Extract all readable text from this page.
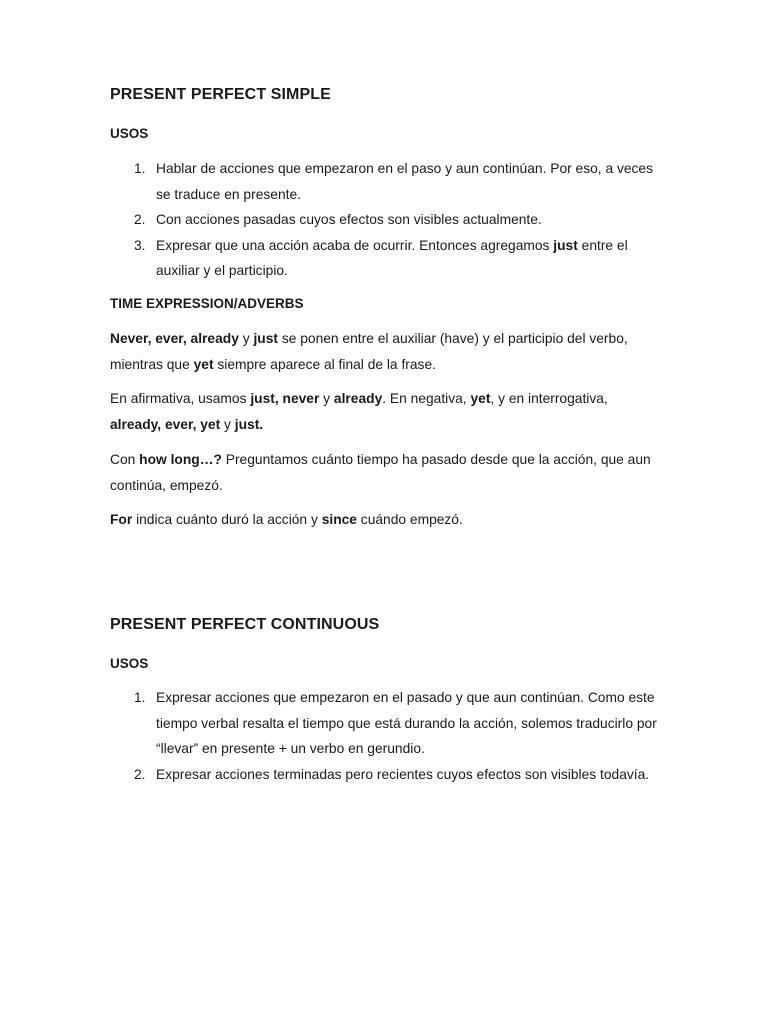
PRESENT PERFECT SIMPLE
USOS
1. Hablar de acciones que empezaron en el paso y aun continúan. Por eso, a veces se traduce en presente.
2. Con acciones pasadas cuyos efectos son visibles actualmente.
3. Expresar que una acción acaba de ocurrir. Entonces agregamos just entre el auxiliar y el participio.
TIME EXPRESSION/ADVERBS

Never, ever, already y just se ponen entre el auxiliar (have) y el participio del verbo, mientras que yet siempre aparece al final de la frase.

En afirmativa, usamos just, never y already. En negativa, yet, y en interrogativa, already, ever, yet y just.

Con how long…? Preguntamos cuánto tiempo ha pasado desde que la acción, que aun continúa, empezó.

For indica cuánto duró la acción y since cuándo empezó.

PRESENT PERFECT CONTINUOUS
USOS
1. Expresar acciones que empezaron en el pasado y que aun continúan. Como este tiempo verbal resalta el tiempo que está durando la acción, solemos traducirlo por “llevar” en presente + un verbo en gerundio.
2. Expresar acciones terminadas pero recientes cuyos efectos son visibles todavía.
